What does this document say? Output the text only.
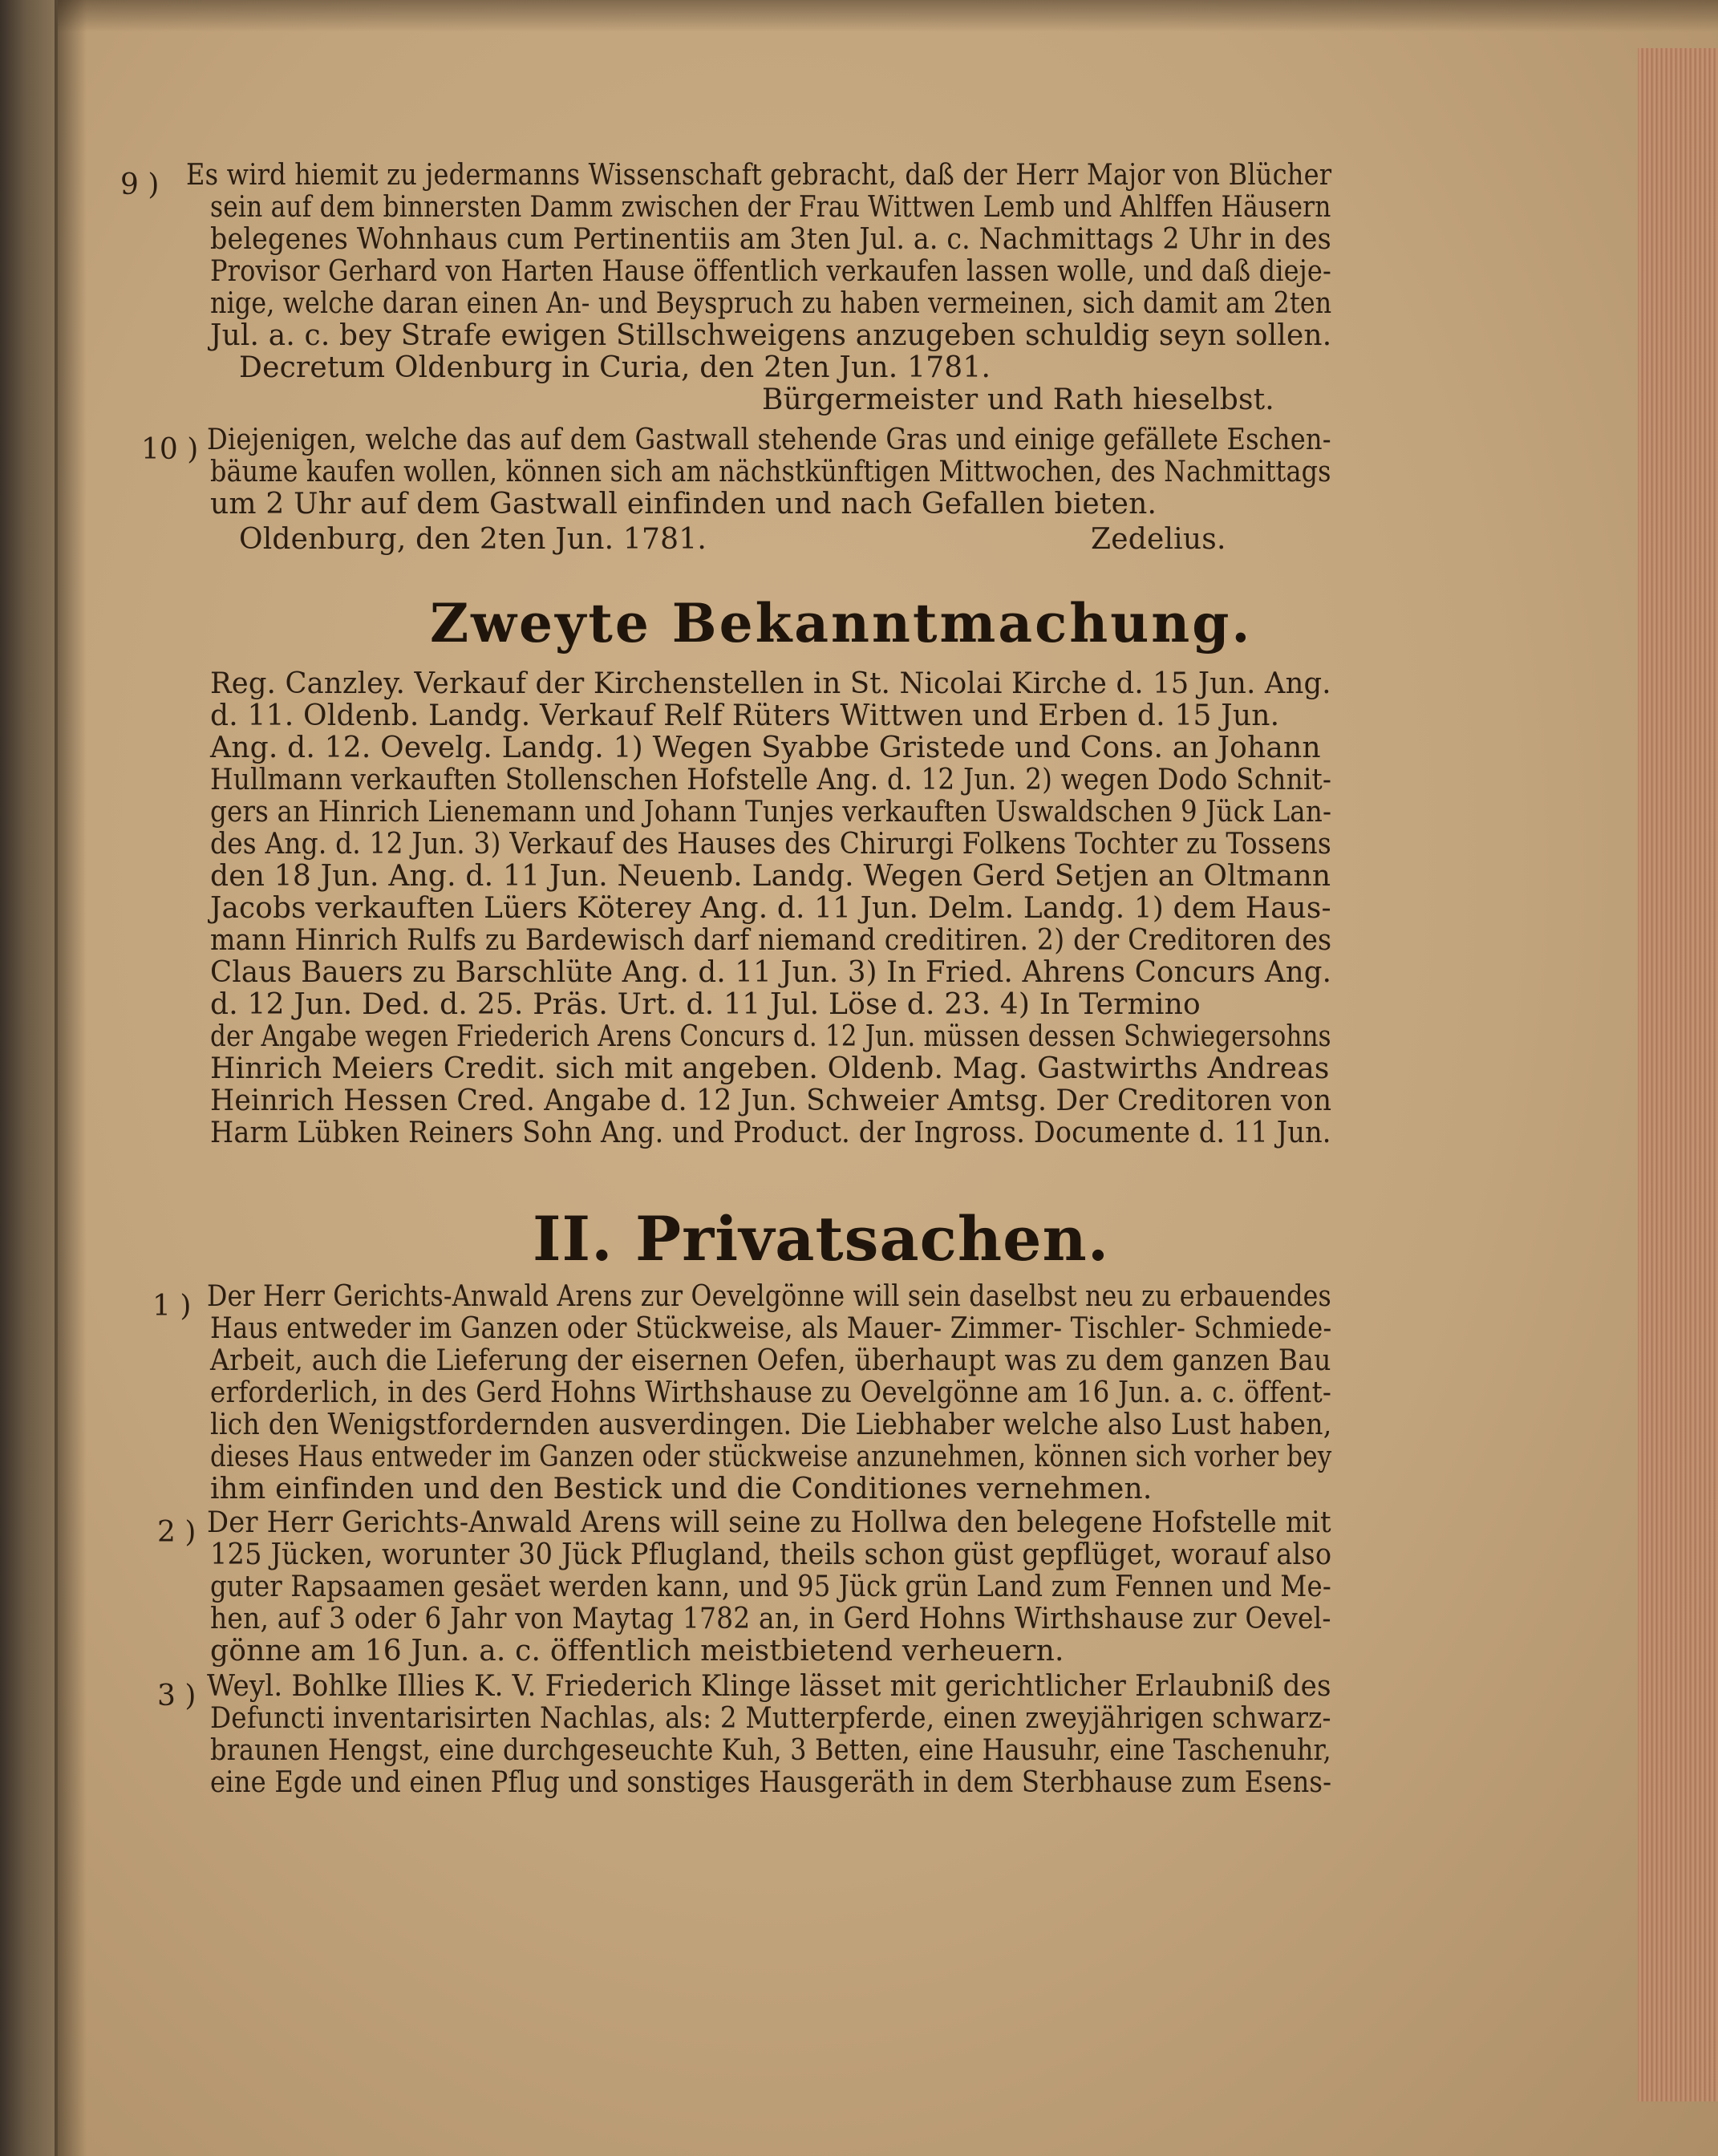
9 ) Es wird hiemit zu jedermanns Wissenschaft gebracht, daß der Herr Major von Blücher
sein auf dem binnersten Damm zwischen der Frau Wittwen Lemb und Ahlffen Häusern
belegenes Wohnhaus cum Pertinentiis am 3ten Jul. a. c. Nachmittags 2 Uhr in des
Provisor Gerhard von Harten Hause öffentlich verkaufen lassen wolle, und daß dieje-
nige, welche daran einen An- und Beyspruch zu haben vermeinen, sich damit am 2ten
Jul. a. c. bey Strafe ewigen Stillschweigens anzugeben schuldig seyn sollen.
Decretum Oldenburg in Curia, den 2ten Jun. 1781.
Bürgermeister und Rath hieselbst.
10 ) Diejenigen, welche das auf dem Gastwall stehende Gras und einige gefällete Eschen-
bäume kaufen wollen, können sich am nächstkünftigen Mittwochen, des Nachmittags
um 2 Uhr auf dem Gastwall einfinden und nach Gefallen bieten.
Oldenburg, den 2ten Jun. 1781.	Zedelius.
Zweyte Bekanntmachung.
Reg. Canzley. Verkauf der Kirchenstellen in St. Nicolai Kirche d. 15 Jun. Ang.
d. 11. Oldenb. Landg. Verkauf Relf Rüters Wittwen und Erben d. 15 Jun.
Ang. d. 12. Oevelg. Landg. 1) Wegen Syabbe Gristede und Cons. an Johann
Hullmann verkauften Stollenschen Hofstelle Ang. d. 12 Jun. 2) wegen Dodo Schnit-
gers an Hinrich Lienemann und Johann Tunjes verkauften Uswaldschen 9 Jück Lan-
des Ang. d. 12 Jun. 3) Verkauf des Hauses des Chirurgi Folkens Tochter zu Tossens
den 18 Jun. Ang. d. 11 Jun. Neuenb. Landg. Wegen Gerd Setjen an Oltmann
Jacobs verkauften Lüers Köterey Ang. d. 11 Jun. Delm. Landg. 1) dem Haus-
mann Hinrich Rulfs zu Bardewisch darf niemand creditiren. 2) der Creditoren des
Claus Bauers zu Barschlüte Ang. d. 11 Jun. 3) In Fried. Ahrens Concurs Ang.
d. 12 Jun. Ded. d. 25. Präs. Urt. d. 11 Jul. Löse d. 23. 4) In Termino
der Angabe wegen Friederich Arens Concurs d. 12 Jun. müssen dessen Schwiegersohns
Hinrich Meiers Credit. sich mit angeben. Oldenb. Mag. Gastwirths Andreas
Heinrich Hessen Cred. Angabe d. 12 Jun. Schweier Amtsg. Der Creditoren von
Harm Lübken Reiners Sohn Ang. und Product. der Ingross. Documente d. 11 Jun.
II. Privatsachen.
1 ) Der Herr Gerichts-Anwald Arens zur Oevelgönne will sein daselbst neu zu erbauendes
Haus entweder im Ganzen oder Stückweise, als Mauer- Zimmer- Tischler- Schmiede-
Arbeit, auch die Lieferung der eisernen Oefen, überhaupt was zu dem ganzen Bau
erforderlich, in des Gerd Hohns Wirthshause zu Oevelgönne am 16 Jun. a. c. öffent-
lich den Wenigstfordernden ausverdingen. Die Liebhaber welche also Lust haben,
dieses Haus entweder im Ganzen oder stückweise anzunehmen, können sich vorher bey
ihm einfinden und den Bestick und die Conditiones vernehmen.
2 ) Der Herr Gerichts-Anwald Arens will seine zu Hollwa den belegene Hofstelle mit
125 Jücken, worunter 30 Jück Pflugland, theils schon güst gepflüget, worauf also
guter Rapsaamen gesäet werden kann, und 95 Jück grün Land zum Fennen und Me-
hen, auf 3 oder 6 Jahr von Maytag 1782 an, in Gerd Hohns Wirthshause zur Oevel-
gönne am 16 Jun. a. c. öffentlich meistbietend verheuern.
3 ) Weyl. Bohlke Illies K. V. Friederich Klinge lässet mit gerichtlicher Erlaubniß des
Defuncti inventarisirten Nachlas, als: 2 Mutterpferde, einen zweyjährigen schwarz-
braunen Hengst, eine durchgeseuchte Kuh, 3 Betten, eine Hausuhr, eine Taschenuhr,
eine Egde und einen Pflug und sonstiges Hausgeräth in dem Sterbhause zum Esens-
